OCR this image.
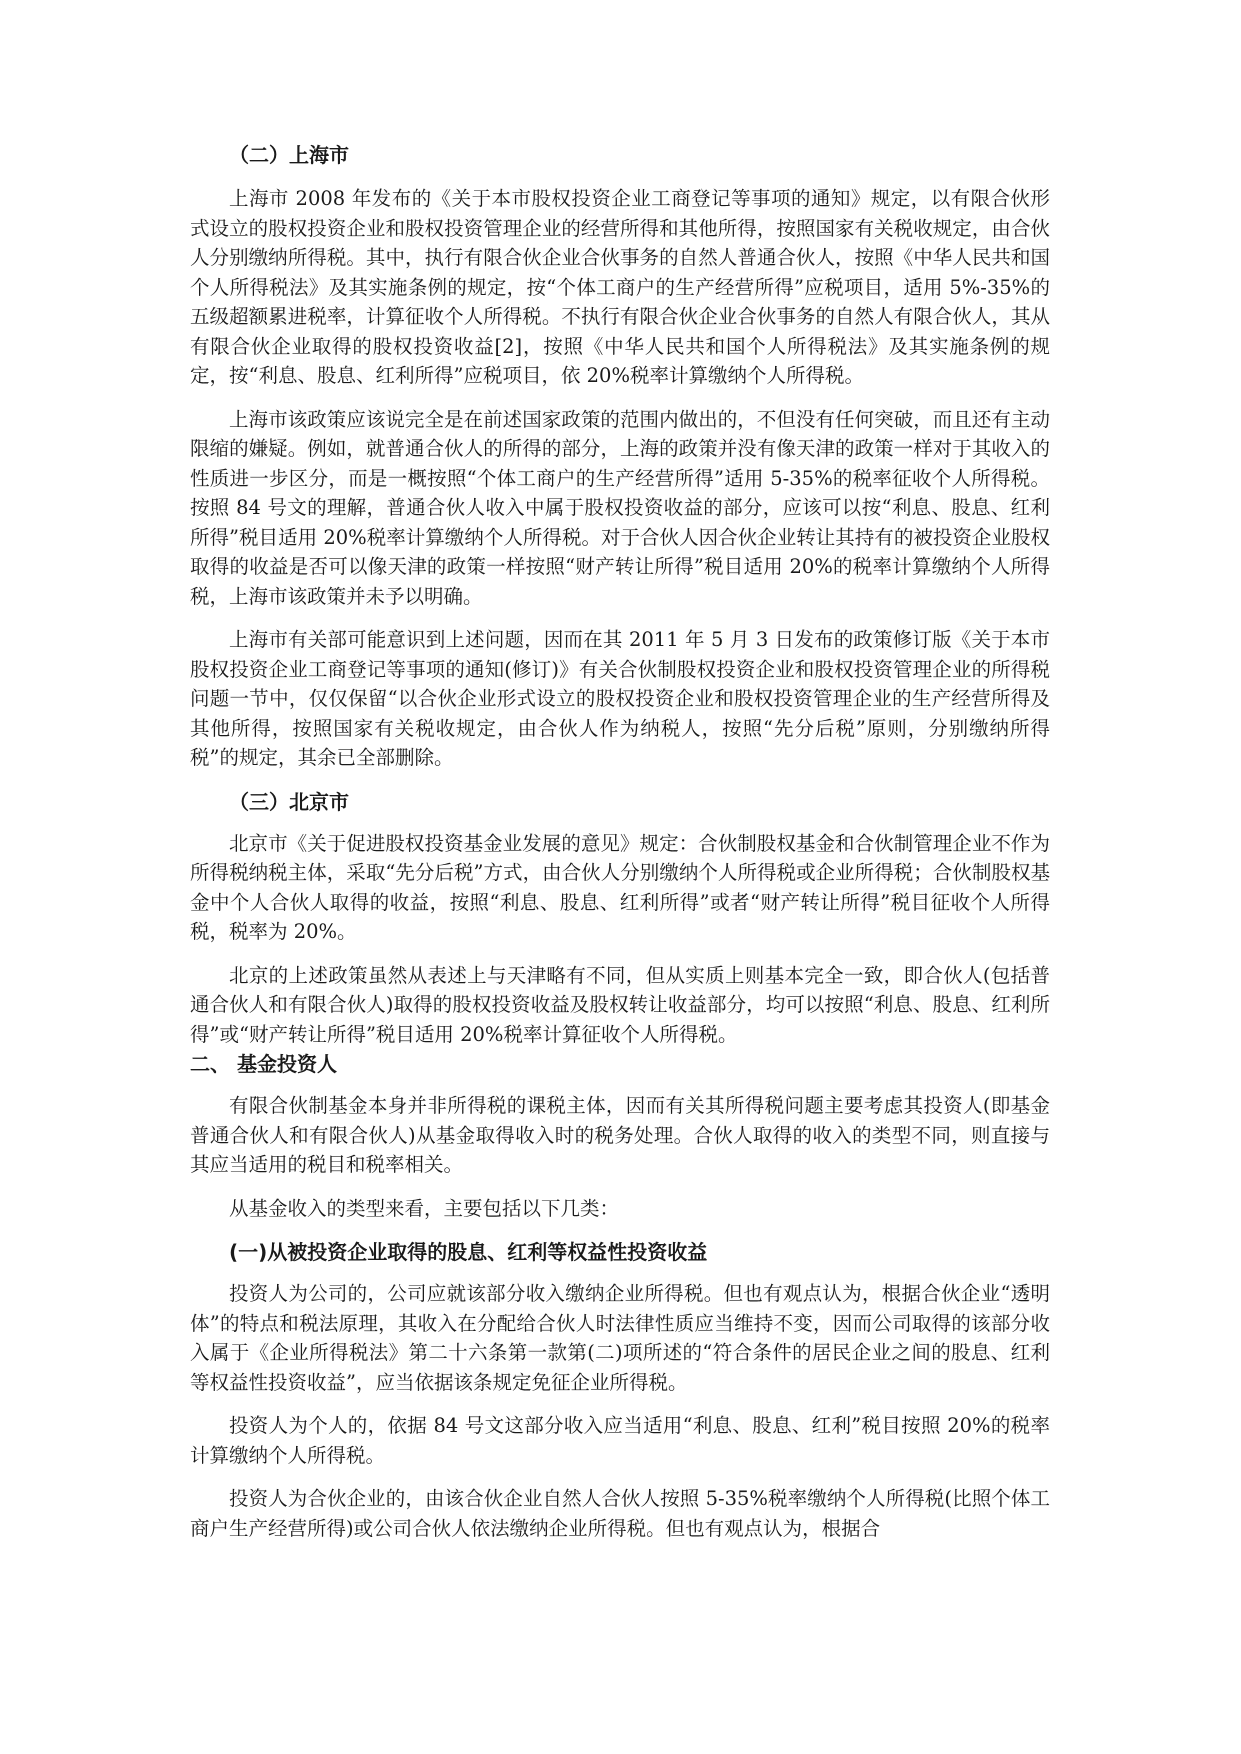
（二）上海市
上海市 2008 年发布的《关于本市股权投资企业工商登记等事项的通知》规定，以有限合伙形式设立的股权投资企业和股权投资管理企业的经营所得和其他所得，按照国家有关税收规定，由合伙人分别缴纳所得税。其中，执行有限合伙企业合伙事务的自然人普通合伙人，按照《中华人民共和国个人所得税法》及其实施条例的规定，按“个体工商户的生产经营所得”应税项目，适用 5%-35%的五级超额累进税率，计算征收个人所得税。不执行有限合伙企业合伙事务的自然人有限合伙人，其从有限合伙企业取得的股权投资收益[2]，按照《中华人民共和国个人所得税法》及其实施条例的规定，按“利息、股息、红利所得”应税项目，依 20%税率计算缴纳个人所得税。
上海市该政策应该说完全是在前述国家政策的范围内做出的，不但没有任何突破，而且还有主动限缩的嫌疑。例如，就普通合伙人的所得的部分，上海的政策并没有像天津的政策一样对于其收入的性质进一步区分，而是一概按照“个体工商户的生产经营所得”适用 5-35%的税率征收个人所得税。按照 84 号文的理解，普通合伙人收入中属于股权投资收益的部分，应该可以按“利息、股息、红利所得”税目适用 20%税率计算缴纳个人所得税。对于合伙人因合伙企业转让其持有的被投资企业股权取得的收益是否可以像天津的政策一样按照“财产转让所得”税目适用 20%的税率计算缴纳个人所得税，上海市该政策并未予以明确。
上海市有关部可能意识到上述问题，因而在其 2011 年 5 月 3 日发布的政策修订版《关于本市股权投资企业工商登记等事项的通知(修订)》有关合伙制股权投资企业和股权投资管理企业的所得税问题一节中，仅仅保留“以合伙企业形式设立的股权投资企业和股权投资管理企业的生产经营所得及其他所得，按照国家有关税收规定，由合伙人作为纳税人，按照“先分后税”原则，分别缴纳所得税”的规定，其余已全部删除。
（三）北京市
北京市《关于促进股权投资基金业发展的意见》规定：合伙制股权基金和合伙制管理企业不作为所得税纳税主体，采取“先分后税”方式，由合伙人分别缴纳个人所得税或企业所得税；合伙制股权基金中个人合伙人取得的收益，按照“利息、股息、红利所得”或者“财产转让所得”税目征收个人所得税，税率为 20%。
北京的上述政策虽然从表述上与天津略有不同，但从实质上则基本完全一致，即合伙人(包括普通合伙人和有限合伙人)取得的股权投资收益及股权转让收益部分，均可以按照“利息、股息、红利所得”或“财产转让所得”税目适用 20%税率计算征收个人所得税。
二、 基金投资人
有限合伙制基金本身并非所得税的课税主体，因而有关其所得税问题主要考虑其投资人(即基金普通合伙人和有限合伙人)从基金取得收入时的税务处理。合伙人取得的收入的类型不同，则直接与其应当适用的税目和税率相关。
从基金收入的类型来看，主要包括以下几类：
(一)从被投资企业取得的股息、红利等权益性投资收益
投资人为公司的，公司应就该部分收入缴纳企业所得税。但也有观点认为，根据合伙企业“透明体”的特点和税法原理，其收入在分配给合伙人时法律性质应当维持不变，因而公司取得的该部分收入属于《企业所得税法》第二十六条第一款第(二)项所述的“符合条件的居民企业之间的股息、红利等权益性投资收益”，应当依据该条规定免征企业所得税。
投资人为个人的，依据 84 号文这部分收入应当适用“利息、股息、红利”税目按照 20%的税率计算缴纳个人所得税。
投资人为合伙企业的，由该合伙企业自然人合伙人按照 5-35%税率缴纳个人所得税(比照个体工商户生产经营所得)或公司合伙人依法缴纳企业所得税。但也有观点认为，根据合
